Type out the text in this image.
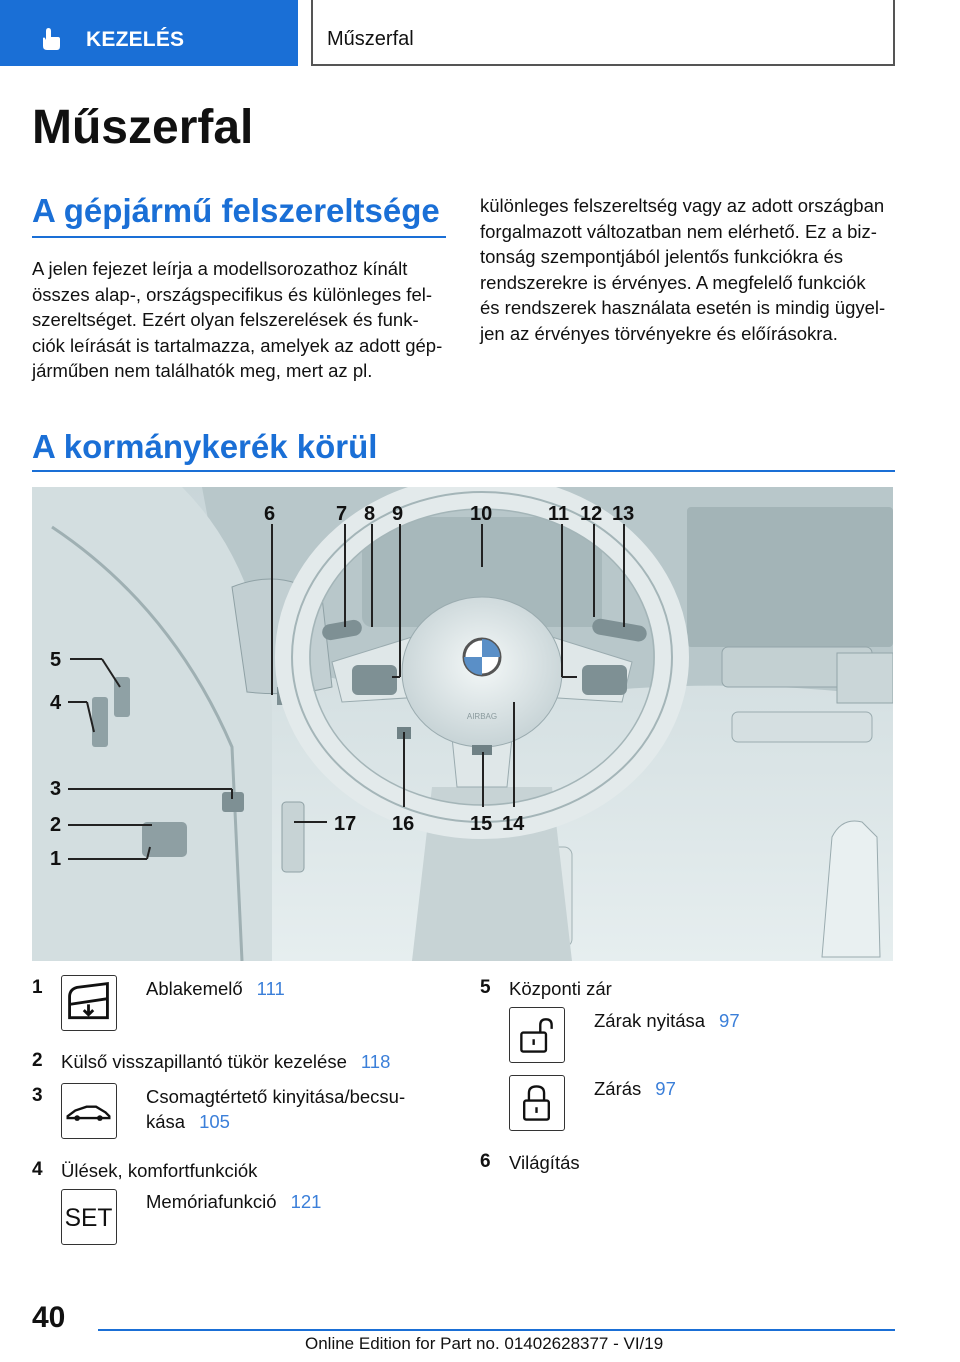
KEZELÉS	Műszerfal
Műszerfal
A gépjármű felszereltsége
A jelen fejezet leírja a modellsorozathoz kínált
összes alap-, országspecifikus és különleges fel-
szereltséget. Ezért olyan felszerelések és funk-
ciók leírását is tartalmazza, amelyek az adott gép-
járműben nem találhatók meg, mert az pl.
különleges felszereltség vagy az adott országban
forgalmazott változatban nem elérhető. Ez a biz-
tonság szempontjából jelentős funkciókra és
rendszerekre is érvényes. A megfelelő funkciók
és rendszerek használata esetén is mindig ügyel-
jen az érvényes törvényekre és előírásokra.
A kormánykerék körül
AIRBAG
1
2
3
4
5
6	7 8 9	10	11 12 13
14
15
16
17
1	Ablakemelő 111
2 Külső visszapillantó tükör kezelése 118
3	Csomagtértető kinyitása/becsu-
kása 105
4 Ülések, komfortfunkciók
SET
Memóriafunkció 121
5 Központi zár
Zárak nyitása 97
Zárás 97
6 Világítás
40
Online Edition for Part no. 01402628377 - VI/19
